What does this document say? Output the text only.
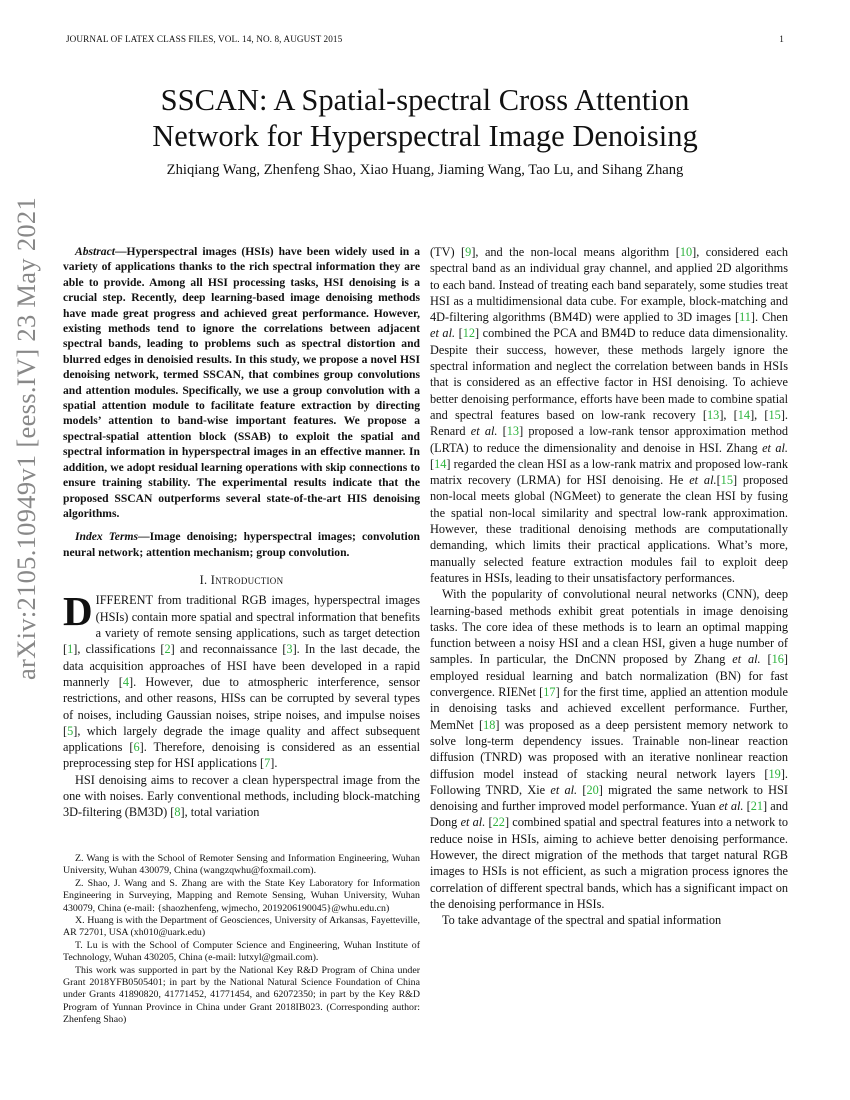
JOURNAL OF LATEX CLASS FILES, VOL. 14, NO. 8, AUGUST 2015	1
arXiv:2105.10949v1 [eess.IV] 23 May 2021
SSCAN: A Spatial-spectral Cross Attention
Network for Hyperspectral Image Denoising
Zhiqiang Wang, Zhenfeng Shao, Xiao Huang, Jiaming Wang, Tao Lu, and Sihang Zhang

Abstract—Hyperspectral images (HSIs) have been widely used in a variety of applications thanks to the rich spectral information they are able to provide. Among all HSI processing tasks, HSI denoising is a crucial step. Recently, deep learning-based image denoising methods have made great progress and achieved great performance. However, existing methods tend to ignore the correlations between adjacent spectral bands, leading to problems such as spectral distortion and blurred edges in denoisied results. In this study, we propose a novel HSI denoising network, termed SSCAN, that combines group convolutions and attention modules. Specifically, we use a group convolution with a spatial attention module to facilitate feature extraction by directing models’ attention to band-wise important features. We propose a spectral-spatial attention block (SSAB) to exploit the spatial and spectral information in hyperspectral images in an effective manner. In addition, we adopt residual learning operations with skip connections to ensure training stability. The experimental results indicate that the proposed SSCAN outperforms several state-of-the-art HIS denoising algorithms.

Index Terms—Image denoising; hyperspectral images; convolution neural network; attention mechanism; group convolution.

I. Introduction

DIFFERENT from traditional RGB images, hyperspectral images (HSIs) contain more spatial and spectral information that benefits a variety of remote sensing applications, such as target detection [1], classifications [2] and reconnaissance [3]. In the last decade, the data acquisition approaches of HSI have been developed in a rapid mannerly [4]. However, due to atmospheric interference, sensor restrictions, and other reasons, HISs can be corrupted by several types of noises, including Gaussian noises, stripe noises, and impulse noises [5], which largely degrade the image quality and affect subsequent applications [6]. Therefore, denoising is considered as an essential preprocessing step for HSI applications [7].

HSI denoising aims to recover a clean hyperspectral image from the one with noises. Early conventional methods, including block-matching 3D-filtering (BM3D) [8], total variation

Z. Wang is with the School of Remoter Sensing and Information Engineering, Wuhan University, Wuhan 430079, China (wangzqwhu@foxmail.com).

Z. Shao, J. Wang and S. Zhang are with the State Key Laboratory for Information Engineering in Surveying, Mapping and Remote Sensing, Wuhan University, Wuhan 430079, China (e-mail: {shaozhenfeng, wjmecho, 2019206190045}@whu.edu.cn)

X. Huang is with the Department of Geosciences, University of Arkansas, Fayetteville, AR 72701, USA (xh010@uark.edu)

T. Lu is with the School of Computer Science and Engineering, Wuhan Institute of Technology, Wuhan 430205, China (e-mail: lutxyl@gmail.com).

This work was supported in part by the National Key R&D Program of China under Grant 2018YFB0505401; in part by the National Natural Science Foundation of China under Grants 41890820, 41771452, 41771454, and 62072350; in part by the Key R&D Program of Yunnan Province in China under Grant 2018IB023. (Corresponding author: Zhenfeng Shao)

(TV) [9], and the non-local means algorithm [10], considered each spectral band as an individual gray channel, and applied 2D algorithms to each band. Instead of treating each band separately, some studies treat HSI as a multidimensional data cube. For example, block-matching and 4D-filtering algorithms (BM4D) were applied to 3D images [11]. Chen et al. [12] combined the PCA and BM4D to reduce data dimensionality. Despite their success, however, these methods largely ignore the spectral information and neglect the correlation between bands in HSIs that is considered as an effective factor in HSI denoising. To achieve better denoising performance, efforts have been made to combine spatial and spectral features based on low-rank recovery [13], [14], [15]. Renard et al. [13] proposed a low-rank tensor approximation method (LRTA) to reduce the dimensionality and denoise in HSI. Zhang et al. [14] regarded the clean HSI as a low-rank matrix and proposed low-rank matrix recovery (LRMA) for HSI denoising. He et al.[15] proposed non-local meets global (NGMeet) to generate the clean HSI by fusing the spatial non-local similarity and spectral low-rank approximation. However, these traditional denoising methods are computationally demanding, which limits their practical applications. What’s more, manually selected feature extraction modules fail to exploit deep features in HSIs, leading to their unsatisfactory performances.

With the popularity of convolutional neural networks (CNN), deep learning-based methods exhibit great potentials in image denoising tasks. The core idea of these methods is to learn an optimal mapping function between a noisy HSI and a clean HSI, given a huge number of samples. In particular, the DnCNN proposed by Zhang et al. [16] employed residual learning and batch normalization (BN) for fast convergence. RIENet [17] for the first time, applied an attention module in denoising tasks and achieved excellent performance. Further, MemNet [18] was proposed as a deep persistent memory network to solve long-term dependency issues. Trainable non-linear reaction diffusion (TNRD) was proposed with an iterative nonlinear reaction diffusion model instead of stacking neural network layers [19]. Following TNRD, Xie et al. [20] migrated the same network to HSI denoising and further improved model performance. Yuan et al. [21] and Dong et al. [22] combined spatial and spectral features into a network to reduce noise in HSIs, aiming to achieve better denoising performance. However, the direct migration of the methods that target natural RGB images to HSIs is not efficient, as such a migration process ignores the correlation of different spectral bands, which has a significant impact on the denoising performance in HSIs.

To take advantage of the spectral and spatial information
